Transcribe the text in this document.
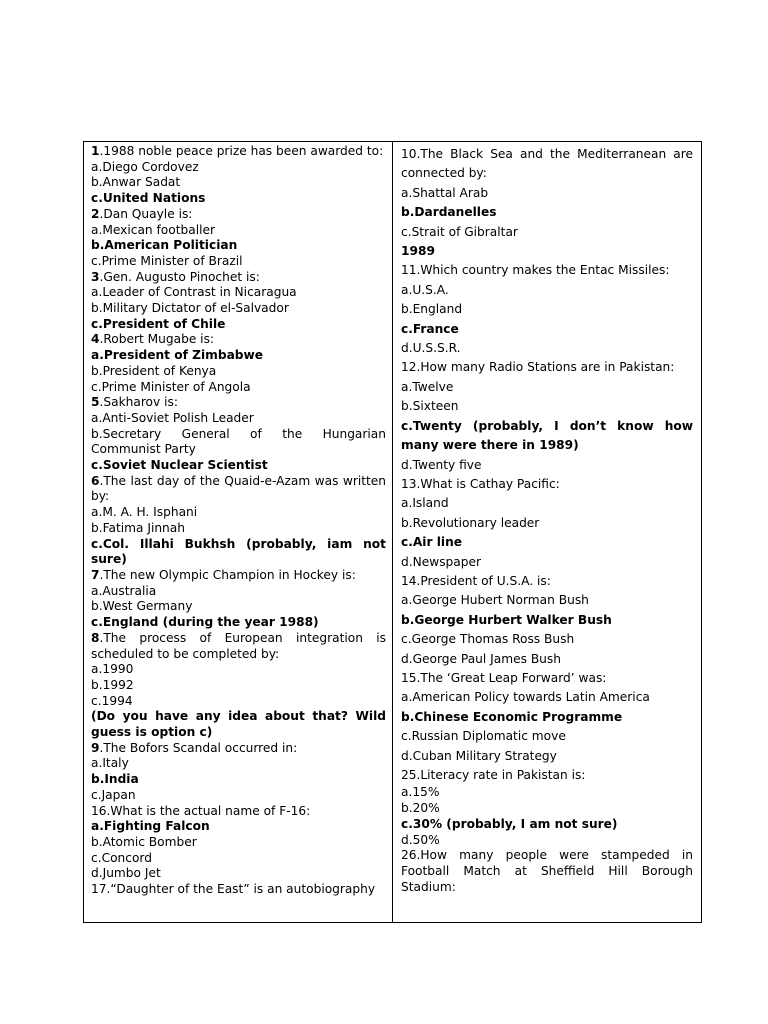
1.1988 noble peace prize has been awarded to:
a.Diego Cordovez
b.Anwar Sadat
c.United Nations
2.Dan Quayle is:
a.Mexican footballer
b.American Politician
c.Prime Minister of Brazil
3.Gen. Augusto Pinochet is:
a.Leader of Contrast in Nicaragua
b.Military Dictator of el-Salvador
c.President of Chile
4.Robert Mugabe is:
a.President of Zimbabwe
b.President of Kenya
c.Prime Minister of Angola
5.Sakharov is:
a.Anti-Soviet Polish Leader
b.Secretary General of the Hungarian Communist Party
c.Soviet Nuclear Scientist
6.The last day of the Quaid-e-Azam was written by:
a.M. A. H. Isphani
b.Fatima Jinnah
c.Col. Illahi Bukhsh (probably, iam not sure)
7.The new Olympic Champion in Hockey is:
a.Australia
b.West Germany
c.England (during the year 1988)
8.The process of European integration is scheduled to be completed by:
a.1990
b.1992
c.1994
(Do you have any idea about that? Wild guess is option c)
9.The Bofors Scandal occurred in:
a.Italy
b.India
c.Japan
16.What is the actual name of F-16:
a.Fighting Falcon
b.Atomic Bomber
c.Concord
d.Jumbo Jet
17.“Daughter of the East” is an autobiography
10.The Black Sea and the Mediterranean are connected by:
a.Shattal Arab
b.Dardanelles
c.Strait of Gibraltar
1989
11.Which country makes the Entac Missiles:
a.U.S.A.
b.England
c.France
d.U.S.S.R.
12.How many Radio Stations are in Pakistan:
a.Twelve
b.Sixteen
c.Twenty (probably, I don’t know how many were there in 1989)
d.Twenty five
13.What is Cathay Pacific:
a.Island
b.Revolutionary leader
c.Air line
d.Newspaper
14.President of U.S.A. is:
a.George Hubert Norman Bush
b.George Hurbert Walker Bush
c.George Thomas Ross Bush
d.George Paul James Bush
15.The ‘Great Leap Forward’ was:
a.American Policy towards Latin America
b.Chinese Economic Programme
c.Russian Diplomatic move
d.Cuban Military Strategy
25.Literacy rate in Pakistan is:
a.15%
b.20%
c.30% (probably, I am not sure)
d.50%
26.How many people were stampeded in Football Match at Sheffield Hill Borough Stadium:
